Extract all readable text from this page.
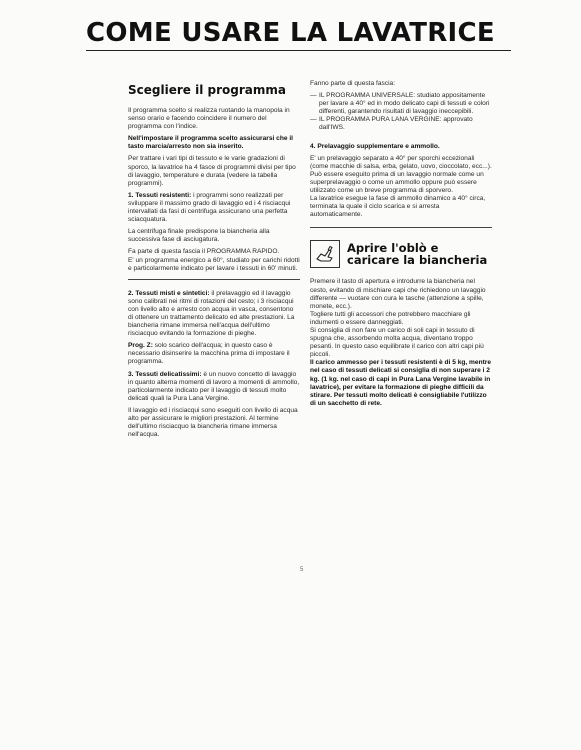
COME USARE LA LAVATRICE
Scegliere il programma

Il programma scelto si realizza ruotando la manopola in senso orario e facendo coincidere il numero del programma con l'indice.

Nell'impostare il programma scelto assicurarsi che il tasto marcia/arresto non sia inserito.

Per trattare i vari tipi di tessuto e le varie gradazioni di sporco, la lavatrice ha 4 fasce di programmi divisi per tipo di lavaggio, temperature e durata (vedere la tabella programmi).

1. Tessuti resistenti: i programmi sono realizzati per sviluppare il massimo grado di lavaggio ed i 4 risciacqui intervallati da fasi di centrifuga assicurano una perfetta sciacquatura.

La centrifuga finale predispone la biancheria alla successiva fase di asciugatura.

Fa parte di questa fascia il PROGRAMMA RAPIDO.

E' un programma energico a 60°, studiato per carichi ridotti e particolarmente indicato per lavare i tessuti in 60' minuti.

2. Tessuti misti e sintetici: il prelavaggio ed il lavaggio sono calibrati nei ritmi di rotazioni del cesto; i 3 risciacqui con livello alto e arresto con acqua in vasca, consentono di ottenere un trattamento delicato ed alte prestazioni. La biancheria rimane immersa nell'acqua dell'ultimo risciacquo evitando la formazione di pieghe.

Prog. Z: solo scarico dell'acqua; in questo caso è necessario disinserire la macchina prima di impostare il programma.

3. Tessuti delicatissimi: è un nuovo concetto di lavaggio in quanto alterna momenti di lavoro a momenti di ammollo, particolarmente indicato per il lavaggio di tessuti molto delicati quali la Pura Lana Vergine.

Il lavaggio ed i risciacqui sono eseguiti con livello di acqua alto per assicurare le migliori prestazioni. Al termine dell'ultimo risciacquo la biancheria rimane immersa nell'acqua.

Fanno parte di questa fascia:

— IL PROGRAMMA UNIVERSALE: studiato appositamente per lavare a 40° ed in modo delicato capi di tessuti e colori differenti, garantendo risultati di lavaggio ineccepibili.
— IL PROGRAMMA PURA LANA VERGINE: approvato dall'IWS.

4. Prelavaggio supplementare e ammollo.

E' un prelavaggio separato a 40° per sporchi eccezionali (come macchie di salsa, erba, gelato, uovo, cioccolato, ecc...).

Può essere eseguito prima di un lavaggio normale come un superprelavaggio o come un ammollo oppure può essere utilizzato come un breve programma di sporvero.

La lavatrice esegue la fase di ammollo dinamico a 40° circa, terminata la quale il ciclo scarica e si arresta automaticamente.

Aprire l'oblò e
caricare la biancheria

Premere il tasto di apertura e introdurre la biancheria nel cesto, evitando di mischiare capi che richiedono un lavaggio differente — vuotare con cura le tasche (attenzione a spille, monete, ecc.).

Togliere tutti gli accessori che potrebbero macchiare gli indumenti o essere danneggiati.

Si consiglia di non fare un carico di soli capi in tessuto di spugna che, assorbendo molta acqua, diventano troppo pesanti. In questo caso equilibrate il carico con altri capi più piccoli.

Il carico ammesso per i tessuti resistenti è di 5 kg, mentre nel caso di tessuti delicati si consiglia di non superare i 2 kg. (1 kg. nel caso di capi in Pura Lana Vergine lavabile in lavatrice), per evitare la formazione di pieghe difficili da stirare. Per tessuti molto delicati è consigliabile l'utilizzo di un sacchetto di rete.

5
